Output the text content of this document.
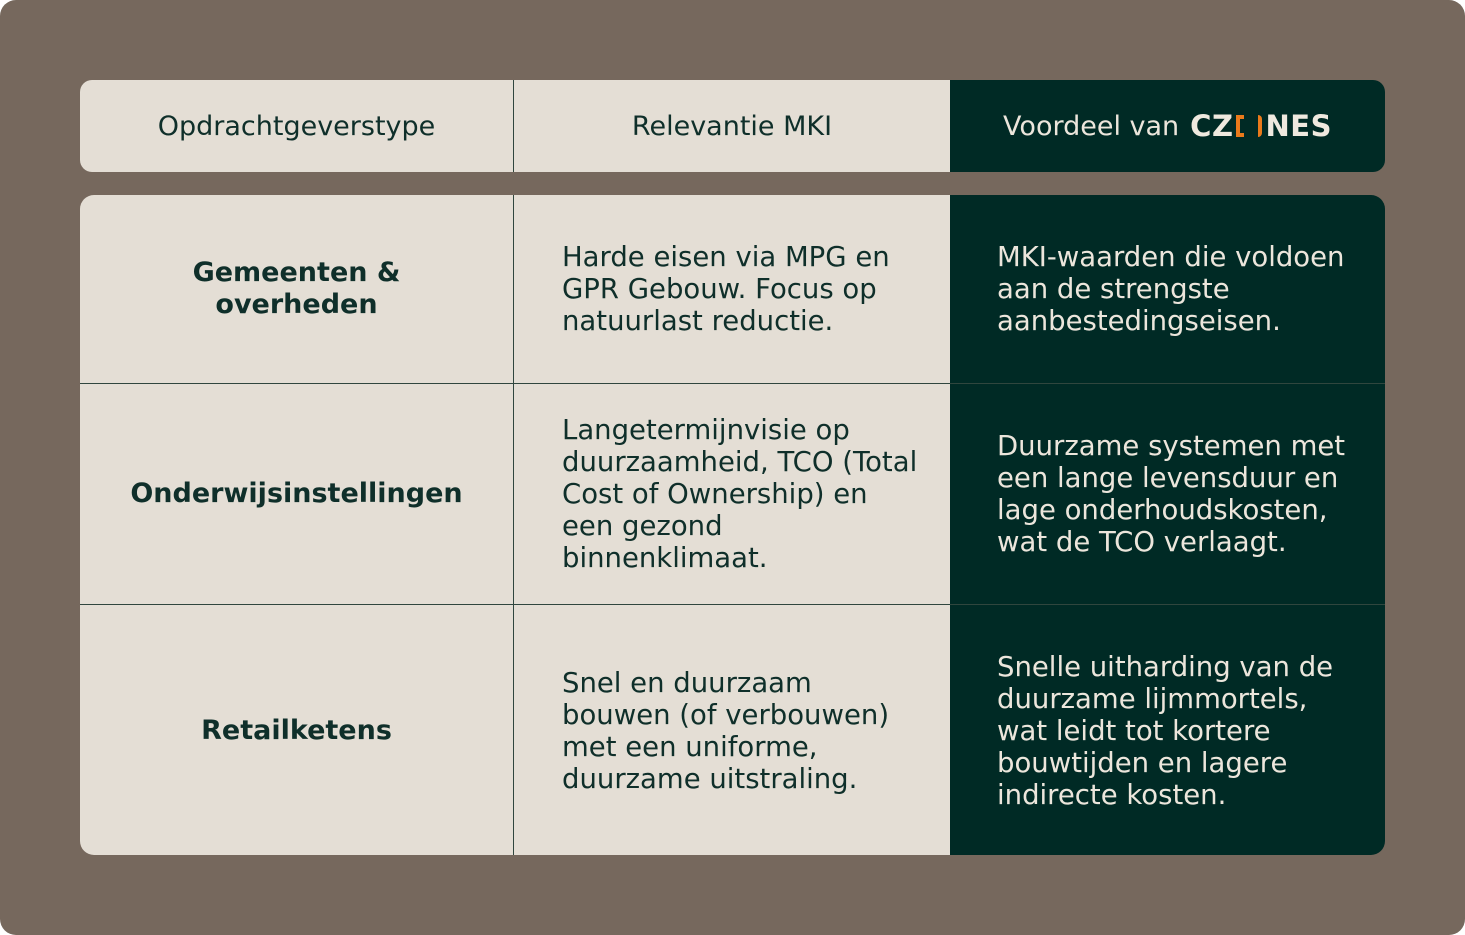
Opdrachtgeverstype	Relevantie MKI	Voordeel van CZ NES
Gemeenten & overheden
Harde eisen via MPG en GPR Gebouw. Focus op natuurlast reductie.
MKI-waarden die voldoen aan de strengste aanbestedingseisen.
Onderwijsinstellingen
Langetermijnvisie op duurzaamheid, TCO (Total Cost of Ownership) en een gezond binnenklimaat.
Duurzame systemen met een lange levensduur en lage onderhoudskosten, wat de TCO verlaagt.
Retailketens
Snel en duurzaam bouwen (of verbouwen) met een uniforme, duurzame uitstraling.
Snelle uitharding van de duurzame lijmmortels, wat leidt tot kortere bouwtijden en lagere indirecte kosten.
